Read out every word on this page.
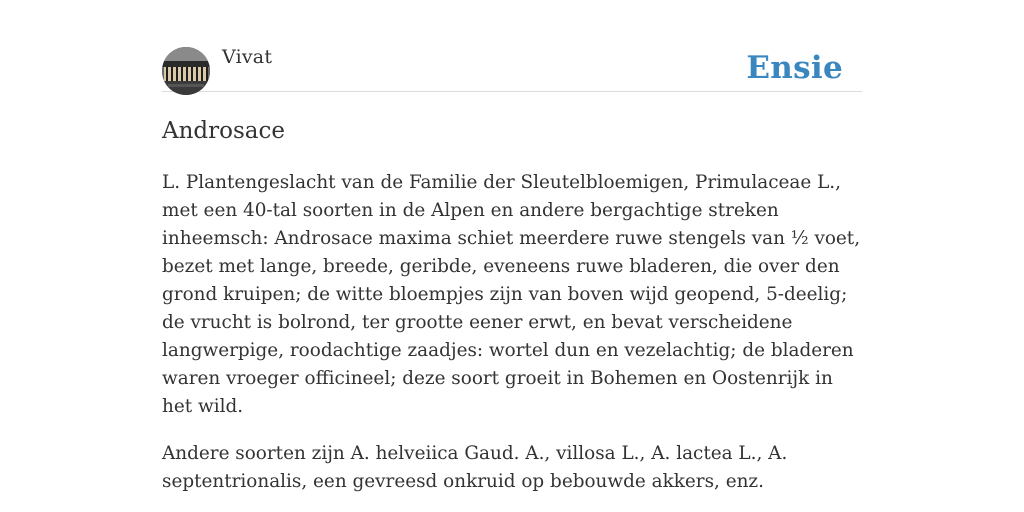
Vivat	Ensie
Androsace

L. Plantengeslacht van de Familie der Sleutelbloemigen, Primulaceae L., met een 40-tal soorten in de Alpen en andere bergachtige streken inheemsch: Androsace maxima schiet meerdere ruwe stengels van ½ voet, bezet met lange, breede, geribde, eveneens ruwe bladeren, die over den grond kruipen; de witte bloempjes zijn van boven wijd geopend, 5-deelig; de vrucht is bolrond, ter grootte eener erwt, en bevat verscheidene langwerpige, roodachtige zaadjes: wortel dun en vezelachtig; de bladeren waren vroeger officineel; deze soort groeit in Bohemen en Oostenrijk in het wild.

Andere soorten zijn A. helveiica Gaud. A., villosa L., A. lactea L., A. septentrionalis, een gevreesd onkruid op bebouwde akkers, enz.
